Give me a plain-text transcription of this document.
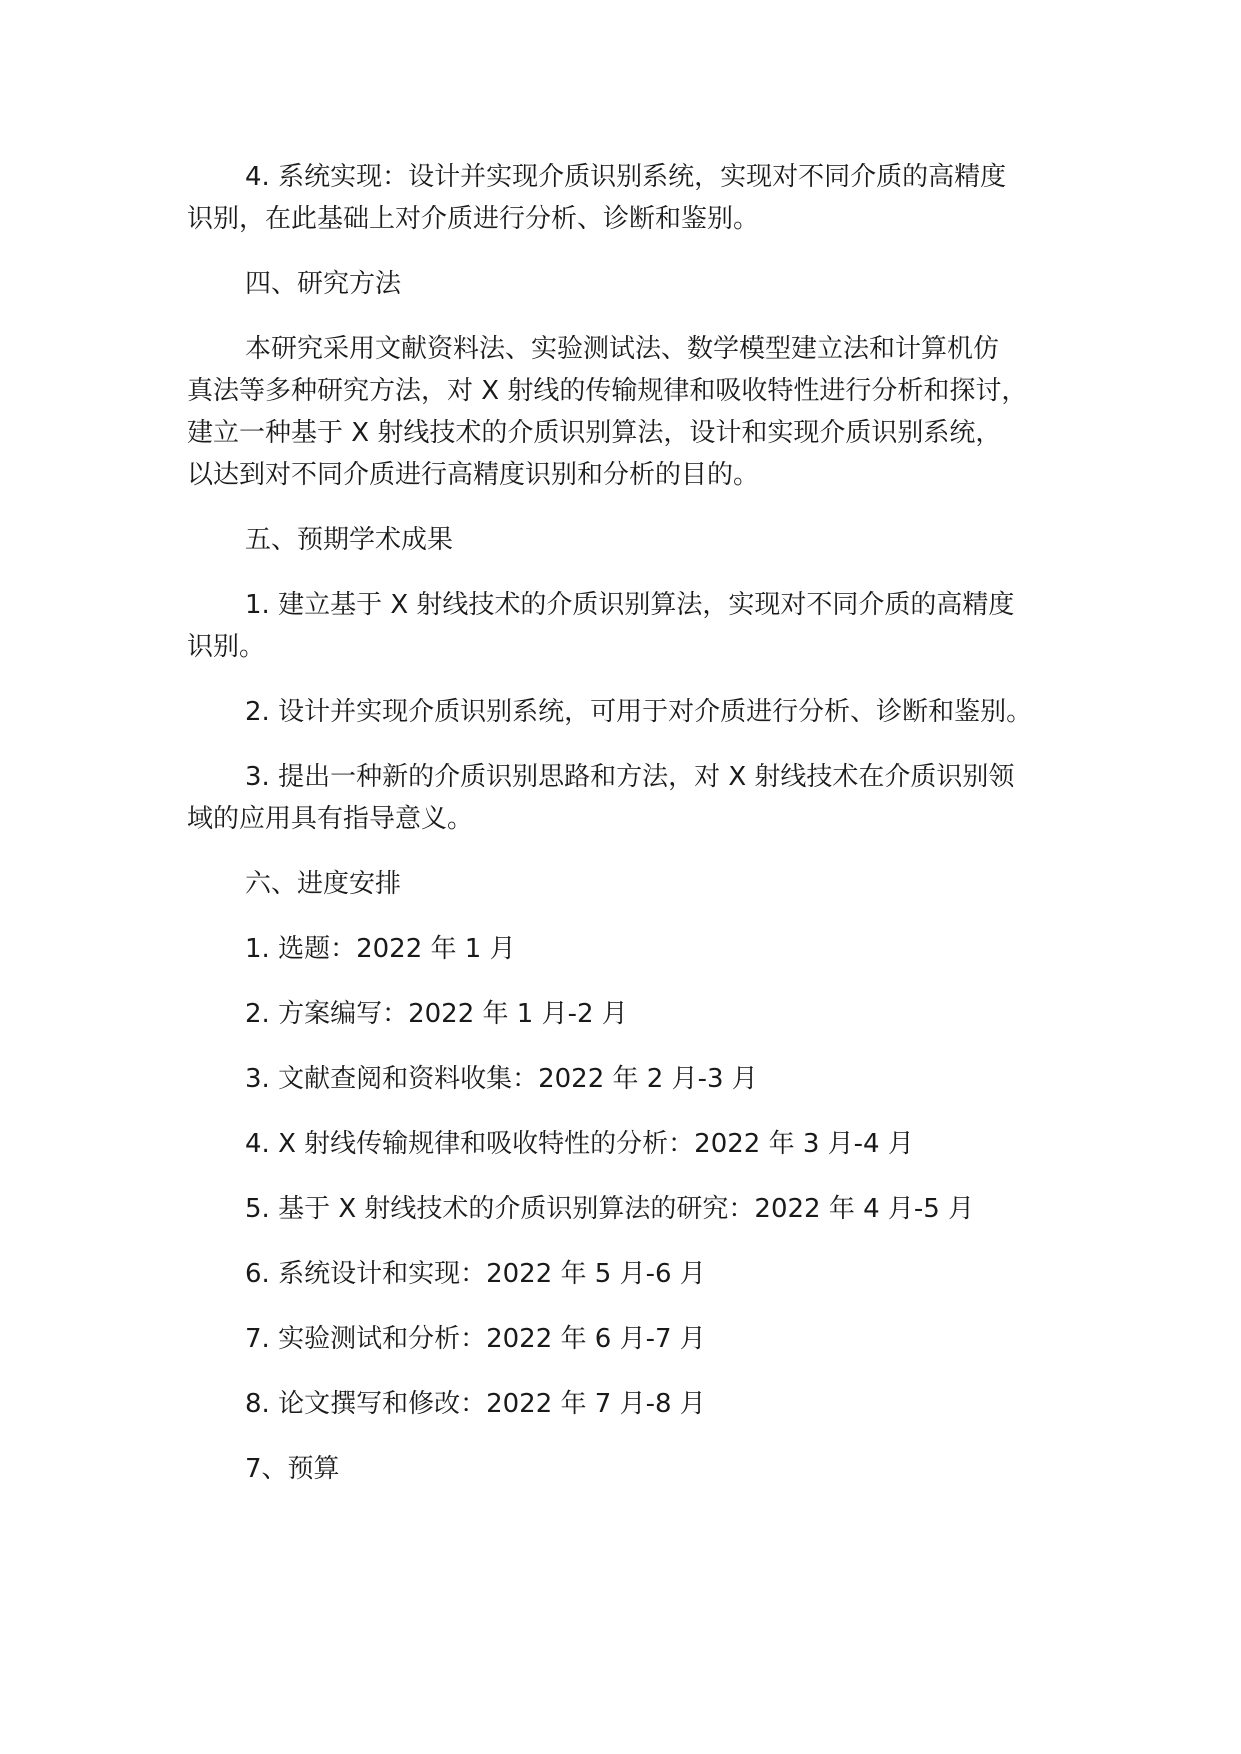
4. 系统实现：设计并实现介质识别系统，实现对不同介质的高精度
识别，在此基础上对介质进行分析、诊断和鉴别。

四、研究方法

本研究采用文献资料法、实验测试法、数学模型建立法和计算机仿
真法等多种研究方法，对 X 射线的传输规律和吸收特性进行分析和探讨，
建立一种基于 X 射线技术的介质识别算法，设计和实现介质识别系统，
以达到对不同介质进行高精度识别和分析的目的。

五、预期学术成果

1. 建立基于 X 射线技术的介质识别算法，实现对不同介质的高精度
识别。

2. 设计并实现介质识别系统，可用于对介质进行分析、诊断和鉴别。

3. 提出一种新的介质识别思路和方法，对 X 射线技术在介质识别领
域的应用具有指导意义。

六、进度安排

1. 选题：2022 年 1 月

2. 方案编写：2022 年 1 月-2 月

3. 文献查阅和资料收集：2022 年 2 月-3 月

4. X 射线传输规律和吸收特性的分析：2022 年 3 月-4 月

5. 基于 X 射线技术的介质识别算法的研究：2022 年 4 月-5 月

6. 系统设计和实现：2022 年 5 月-6 月

7. 实验测试和分析：2022 年 6 月-7 月

8. 论文撰写和修改：2022 年 7 月-8 月

7、预算
